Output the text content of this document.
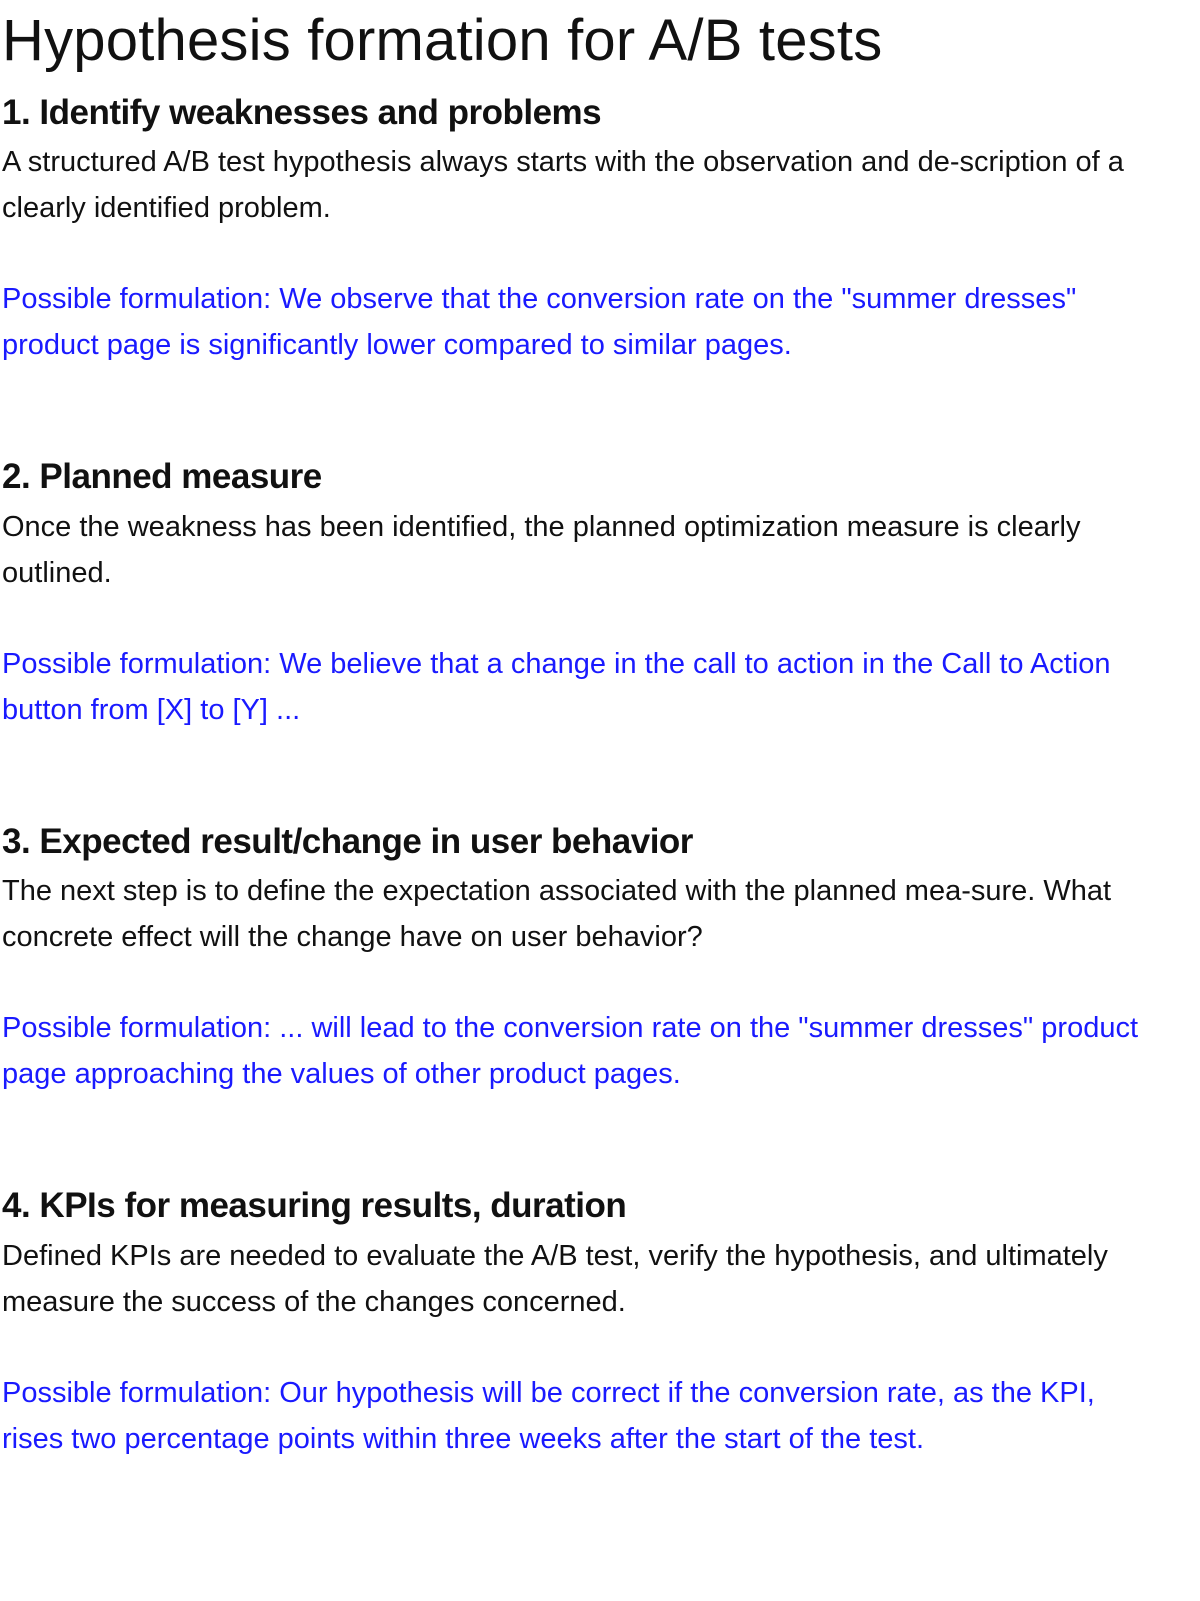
Hypothesis formation for A/B tests
1. Identify weaknesses and problems

A structured A/B test hypothesis always starts with the observation and de-scription of a clearly identified problem.

Possible formulation: We observe that the conversion rate on the "summer dresses" product page is significantly lower compared to similar pages.

2. Planned measure

Once the weakness has been identified, the planned optimization measure is clearly outlined.

Possible formulation: We believe that a change in the call to action in the Call to Action button from [X] to [Y] ...

3. Expected result/change in user behavior

The next step is to define the expectation associated with the planned mea-sure. What concrete effect will the change have on user behavior?

Possible formulation: ... will lead to the conversion rate on the "summer dresses" product page approaching the values of other product pages.

4. KPIs for measuring results, duration

Defined KPIs are needed to evaluate the A/B test, verify the hypothesis, and ultimately measure the success of the changes concerned.

Possible formulation: Our hypothesis will be correct if the conversion rate, as the KPI, rises two percentage points within three weeks after the start of the test.
